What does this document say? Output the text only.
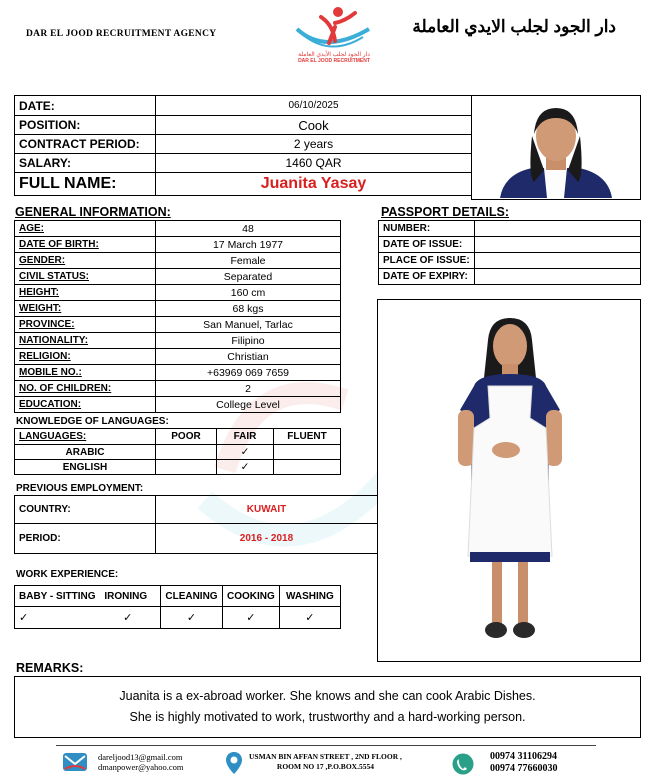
DAR EL JOOD RECRUITMENT AGENCY	دار الجود لجلب الايدي العاملة
دار الجود لجلب الأيدي العاملة
DAR EL JOOD RECRUITMENT
DATE:	06/10/2025
POSITION:	Cook
CONTRACT PERIOD:	2 years
SALARY:	1460 QAR
FULL NAME:	Juanita Yasay
GENERAL INFORMATION:
AGE:	48
DATE OF BIRTH:	17 March 1977
GENDER:	Female
CIVIL STATUS:	Separated
HEIGHT:	160 cm
WEIGHT:	68 kgs
PROVINCE:	San Manuel, Tarlac
NATIONALITY:	Filipino
RELIGION:	Christian
MOBILE NO.:	+63969 069 7659
NO. OF CHILDREN:	2
EDUCATION:	College Level
PASSPORT DETAILS:
NUMBER:	
DATE OF ISSUE:	
PLACE OF ISSUE:	
DATE OF EXPIRY:	
KNOWLEDGE OF LANGUAGES:
LANGUAGES:	POOR	FAIR	FLUENT
ARABIC		✓	
ENGLISH		✓	
PREVIOUS EMPLOYMENT:
COUNTRY:	KUWAIT
PERIOD:	2016 - 2018
WORK EXPERIENCE:
BABY - SITTING	IRONING	CLEANING	COOKING	WASHING
✓	✓	✓	✓	✓
REMARKS:
Juanita is a ex-abroad worker. She knows and she can cook Arabic Dishes.
She is highly motivated to work, trustworthy and a hard-working person.
dareljood13@gmail.com
dmanpower@yahoo.com
USMAN BIN AFFAN STREET , 2ND FLOOR ,
ROOM NO 17 ,P.O.BOX.5554
00974 31106294
00974 77660030
